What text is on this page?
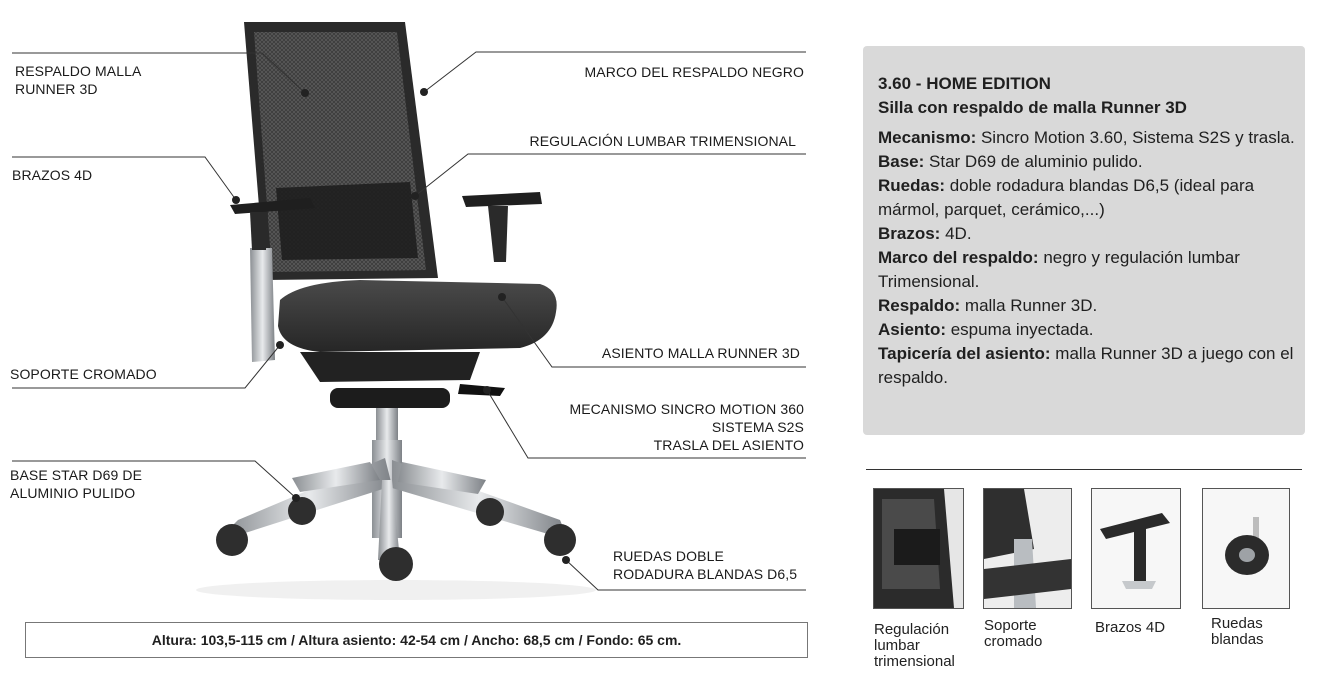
RESPALDO MALLA
RUNNER 3D
BRAZOS 4D
SOPORTE CROMADO
BASE STAR D69 DE
ALUMINIO PULIDO
MARCO DEL RESPALDO NEGRO
REGULACIÓN LUMBAR TRIMENSIONAL
ASIENTO MALLA RUNNER 3D
MECANISMO SINCRO MOTION 360
SISTEMA S2S
TRASLA DEL ASIENTO
RUEDAS DOBLE
RODADURA BLANDAS D6,5
3.60 - HOME EDITION
Silla con respaldo de malla Runner 3D
Mecanismo: Sincro Motion 3.60, Sistema S2S y trasla.
Base: Star D69 de aluminio pulido.
Ruedas: doble rodadura blandas D6,5 (ideal para mármol, parquet, cerámico,...)
Brazos: 4D.
Marco del respaldo: negro y regulación lumbar Trimensional.
Respaldo: malla Runner 3D.
Asiento: espuma inyectada.
Tapicería del asiento: malla Runner 3D a juego con el respaldo.
Regulación
lumbar
trimensional
Soporte
cromado
Brazos 4D	Ruedas
blandas
Altura: 103,5-115 cm / Altura asiento: 42-54 cm / Ancho: 68,5 cm / Fondo: 65 cm.
